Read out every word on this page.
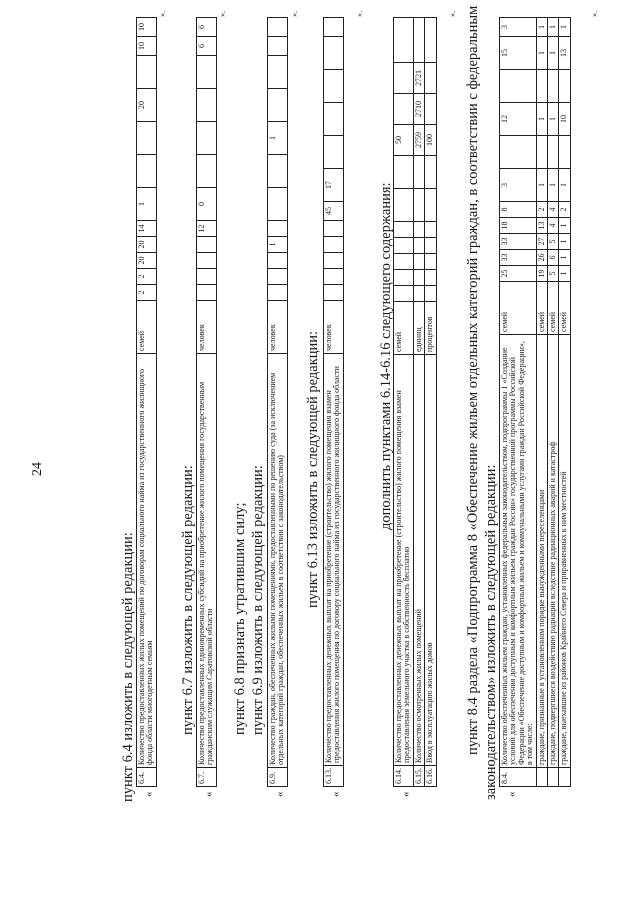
24
пункт 6.4 изложить в следующей редакции: «
6.4.	Количество предоставленных жилых помещений по договорам социального найма из государственного жилищного фонда области многодетным семьям	семей	2	2	20	20	14	1			20		10	10
».
пункт 6.7 изложить в следующей редакции:
«
6.7.	Количество предоставленных единовременных субсидий на приобретение жилого помещения государственным гражданским служащим Саратовской области	человек					12	0					6	6
».
пункт 6.8 признать утратившим силу; пункт 6.9 изложить в следующей редакции:
«
6.9.	Количество граждан, обеспеченных жилыми помещениями, предоставленными по решению суда (за исключением отдельных категорий граждан, обеспеченных жильем в соответствии с законодательством)	человек				1				1				
».
пункт 6.13 изложить в следующей редакции:
«
6.13.	Количество предоставленных денежных выплат на приобретение (строительство) жилого помещения взамен предоставления жилого помещения по договору социального найма из государственного жилищного фонда области	человек						45	17					
».
дополнить пунктами 6.14-6.16 следующего содержания:
«
6.14.	Количество предоставленных денежных выплат на приобретение (строительство) жилого помещения взамен предоставления земельного участка в собственность бесплатно	семей								50			
6.15.	Количество осмотренных жилых помещений	единиц								2759	2710	2721	
6.16.	Ввод в эксплуатацию жилых домов	процентов								100			
». пункт 8.4 раздела «Подпрограмма 8 «Обеспечение жильем отдельных категорий граждан, в соответствии с федеральным законодательством» изложить в следующей редакции: «
8.4.	Количество обеспеченных жильем граждан, установленных федеральным законодательством, подпрограммы 1 «Создание условий для обеспечения доступным и комфортным жильем граждан России» государственной программы Российской Федерации «Обеспечение доступным и комфортным жильем и коммунальными услугами граждан Российской Федерации», в том числе:	семей	25	33	33	18	8	3		12		15	3
	граждане, признанные в установленном порядке вынужденными переселенцами	семей	19	26	27	13	2	1		1		1	1
	граждане, подвергшиеся воздействию радиации вследствие радиационных аварий и катастроф	семей	5	6	5	4	4	1		1		1	1
	граждане, выехавшие из районов Крайнего Севера и приравненных к ним местностей	семей	1	1	1	1	2	1		10		13	1
».
